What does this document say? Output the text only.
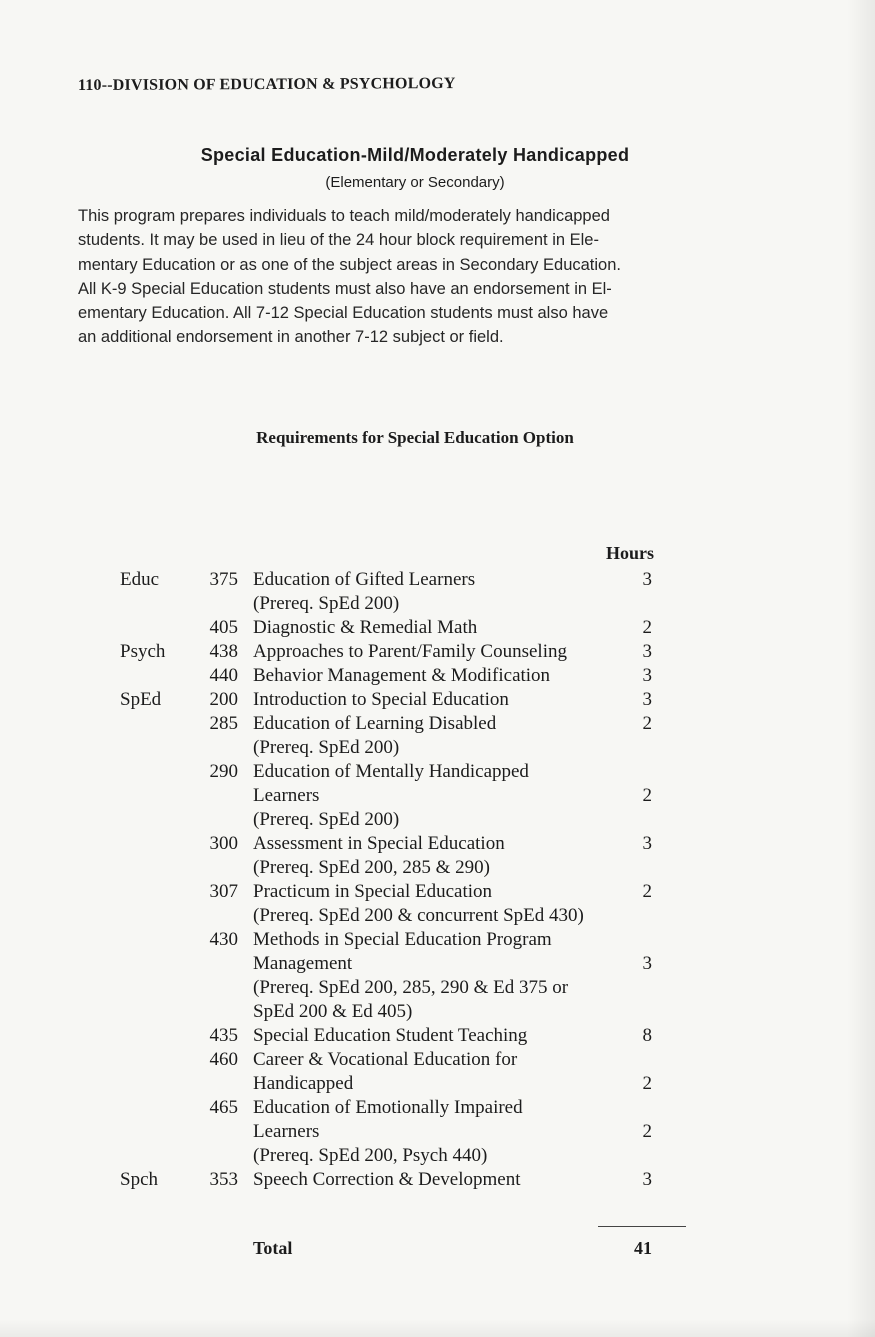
110--DIVISION OF EDUCATION & PSYCHOLOGY
Special Education-Mild/Moderately Handicapped
(Elementary or Secondary)
This program prepares individuals to teach mild/moderately handicapped
students. It may be used in lieu of the 24 hour block requirement in Ele-
mentary Education or as one of the subject areas in Secondary Education.
All K-9 Special Education students must also have an endorsement in El-
ementary Education. All 7-12 Special Education students must also have
an additional endorsement in another 7-12 subject or field.
Requirements for Special Education Option
Hours
Educ	375 Education of Gifted Learners	3
(Prereq. SpEd 200)
405 Diagnostic & Remedial Math	2
Psych	438 Approaches to Parent/Family Counseling	3
440 Behavior Management & Modification	3
SpEd	200 Introduction to Special Education	3
285 Education of Learning Disabled	2
(Prereq. SpEd 200)
290 Education of Mentally Handicapped
Learners	2
(Prereq. SpEd 200)
300 Assessment in Special Education	3
(Prereq. SpEd 200, 285 & 290)
307 Practicum in Special Education	2
(Prereq. SpEd 200 & concurrent SpEd 430)
430 Methods in Special Education Program
Management	3
(Prereq. SpEd 200, 285, 290 & Ed 375 or
SpEd 200 & Ed 405)
435 Special Education Student Teaching	8
460 Career & Vocational Education for
Handicapped	2
465 Education of Emotionally Impaired
Learners	2
(Prereq. SpEd 200, Psych 440)
Spch	353 Speech Correction & Development	3
Total	41
